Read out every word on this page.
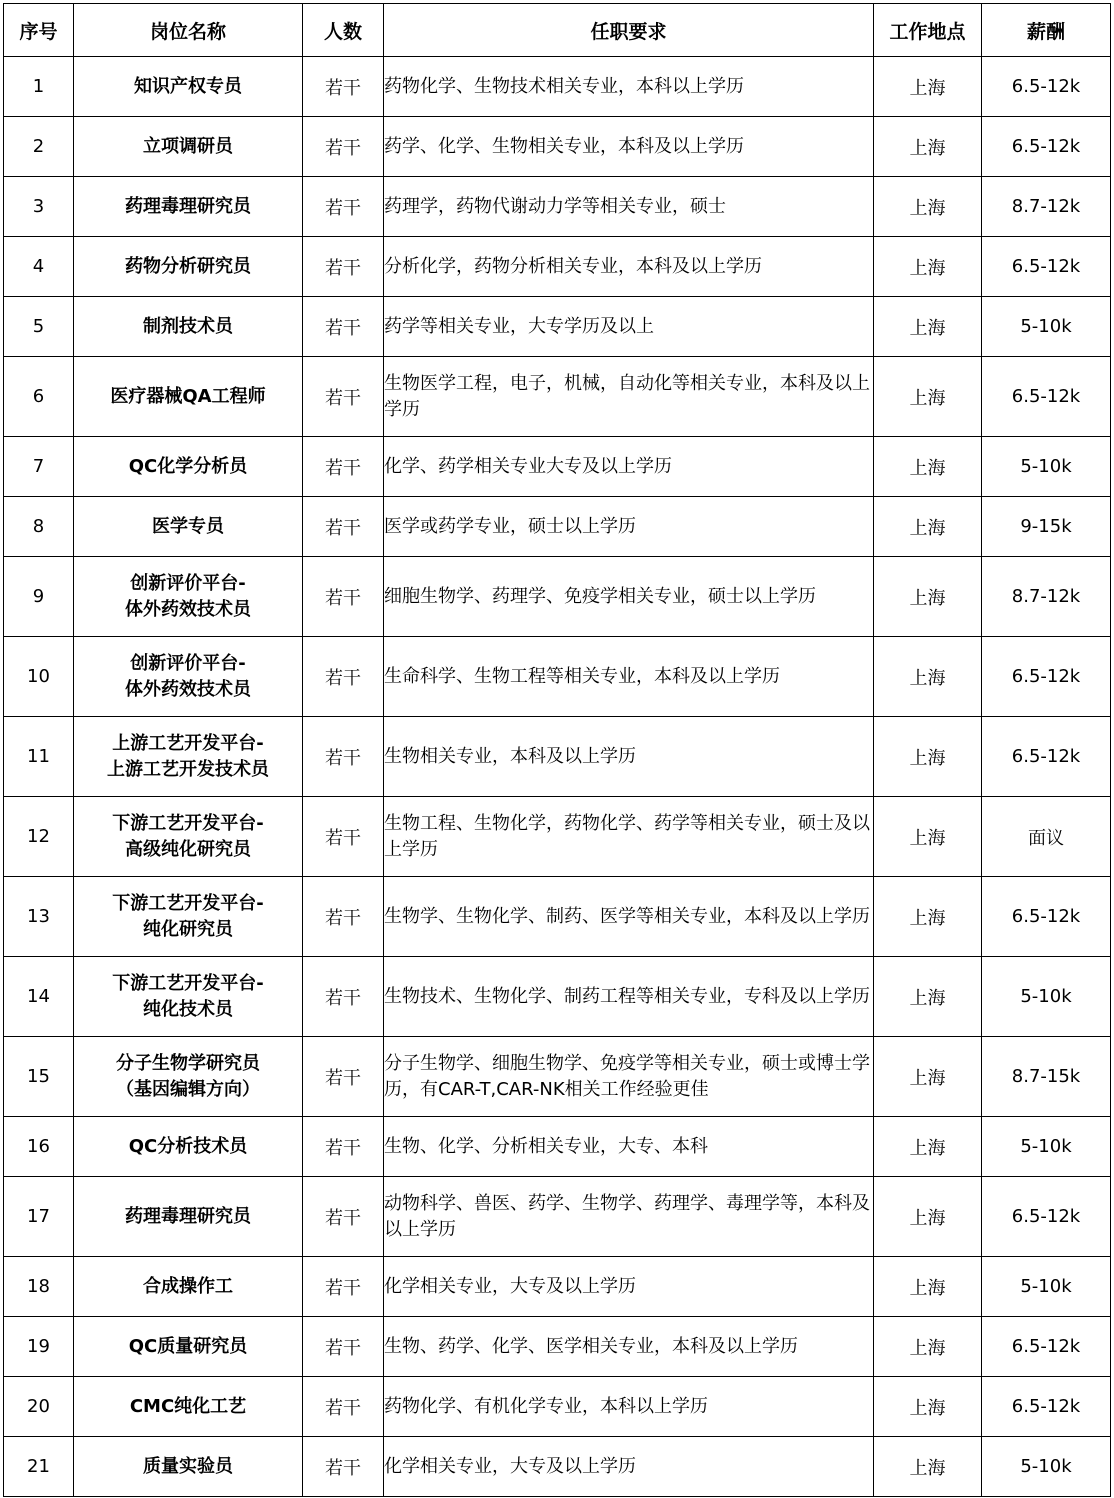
序号	岗位名称	人数	任职要求	工作地点	薪酬
1	知识产权专员	若干	药物化学、生物技术相关专业，本科以上学历	上海	6.5-12k
2	立项调研员	若干	药学、化学、生物相关专业，本科及以上学历	上海	6.5-12k
3	药理毒理研究员	若干	药理学，药物代谢动力学等相关专业，硕士	上海	8.7-12k
4	药物分析研究员	若干	分析化学，药物分析相关专业，本科及以上学历	上海	6.5-12k
5	制剂技术员	若干	药学等相关专业，大专学历及以上	上海	5-10k
6	医疗器械QA工程师	若干	生物医学工程，电子，机械，自动化等相关专业，本科及以上学历	上海	6.5-12k
7	QC化学分析员	若干	化学、药学相关专业大专及以上学历	上海	5-10k
8	医学专员	若干	医学或药学专业，硕士以上学历	上海	9-15k
9	创新评价平台-
体外药效技术员	若干	细胞生物学、药理学、免疫学相关专业，硕士以上学历	上海	8.7-12k
10	创新评价平台-
体外药效技术员	若干	生命科学、生物工程等相关专业，本科及以上学历	上海	6.5-12k
11	上游工艺开发平台-
上游工艺开发技术员	若干	生物相关专业，本科及以上学历	上海	6.5-12k
12	下游工艺开发平台-
高级纯化研究员	若干	生物工程、生物化学，药物化学、药学等相关专业，硕士及以上学历	上海	面议
13	下游工艺开发平台-
纯化研究员	若干	生物学、生物化学、制药、医学等相关专业，本科及以上学历	上海	6.5-12k
14	下游工艺开发平台-
纯化技术员	若干	生物技术、生物化学、制药工程等相关专业，专科及以上学历	上海	5-10k
15	分子生物学研究员
（基因编辑方向）	若干	分子生物学、细胞生物学、免疫学等相关专业，硕士或博士学历，有CAR-T,CAR-NK相关工作经验更佳	上海	8.7-15k
16	QC分析技术员	若干	生物、化学、分析相关专业，大专、本科	上海	5-10k
17	药理毒理研究员	若干	动物科学、兽医、药学、生物学、药理学、毒理学等，本科及以上学历	上海	6.5-12k
18	合成操作工	若干	化学相关专业，大专及以上学历	上海	5-10k
19	QC质量研究员	若干	生物、药学、化学、医学相关专业，本科及以上学历	上海	6.5-12k
20	CMC纯化工艺	若干	药物化学、有机化学专业，本科以上学历	上海	6.5-12k
21	质量实验员	若干	化学相关专业，大专及以上学历	上海	5-10k
